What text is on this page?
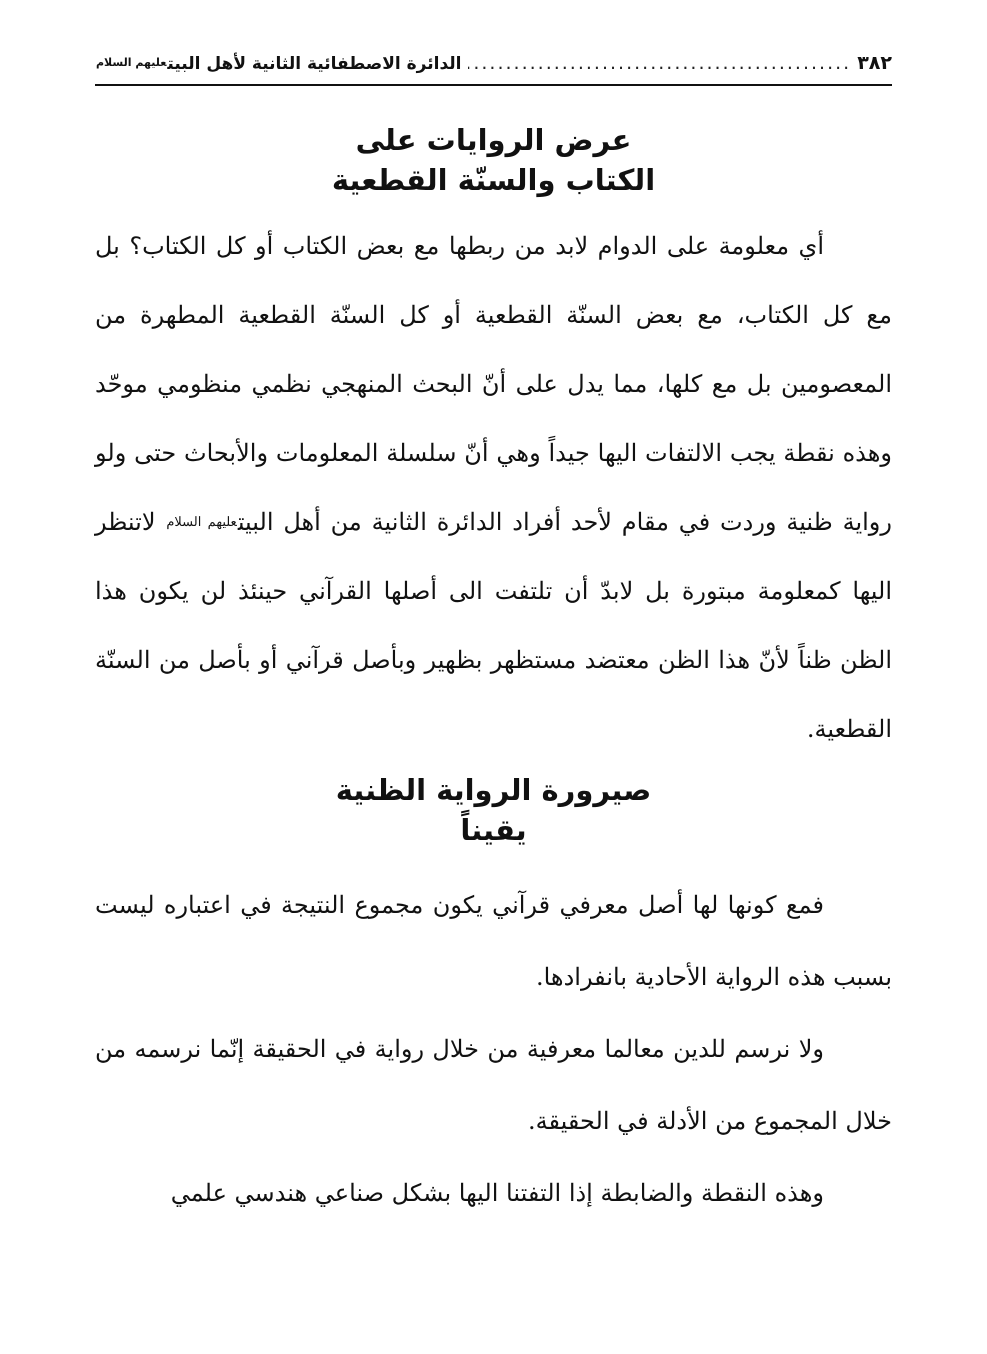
٣٨٢
.....
الدائرة الاصطفائية الثانية لأهل البيتعليهم السلام
عرض الروايات على
الكتاب والسنّة القطعية

أي معلومة على الدوام لابد من ربطها مع بعض الكتاب أو كل الكتاب؟ بل مع كل الكتاب، مع بعض السنّة القطعية أو كل السنّة القطعية المطهرة من المعصومين بل مع كلها، مما يدل على أنّ البحث المنهجي نظمي منظومي موحّد وهذه نقطة يجب الالتفات اليها جيداً وهي أنّ سلسلة المعلومات والأبحاث حتى ولو رواية ظنية وردت في مقام لأحد أفراد الدائرة الثانية من أهل البيتعليهم السلام لاتنظر اليها كمعلومة مبتورة بل لابدّ أن تلتفت الى أصلها القرآني حينئذ لن يكون هذا الظن ظناً لأنّ هذا الظن معتضد مستظهر بظهير وبأصل قرآني أو بأصل من السنّة القطعية.

صيرورة الرواية الظنية
يقيناً

فمع كونها لها أصل معرفي قرآني يكون مجموع النتيجة في اعتباره ليست بسبب هذه الرواية الأحادية بانفرادها.

ولا نرسم للدين معالما معرفية من خلال رواية في الحقيقة إنّما نرسمه من خلال المجموع من الأدلة في الحقيقة.

وهذه النقطة والضابطة إذا التفتنا اليها بشكل صناعي هندسي علمي
